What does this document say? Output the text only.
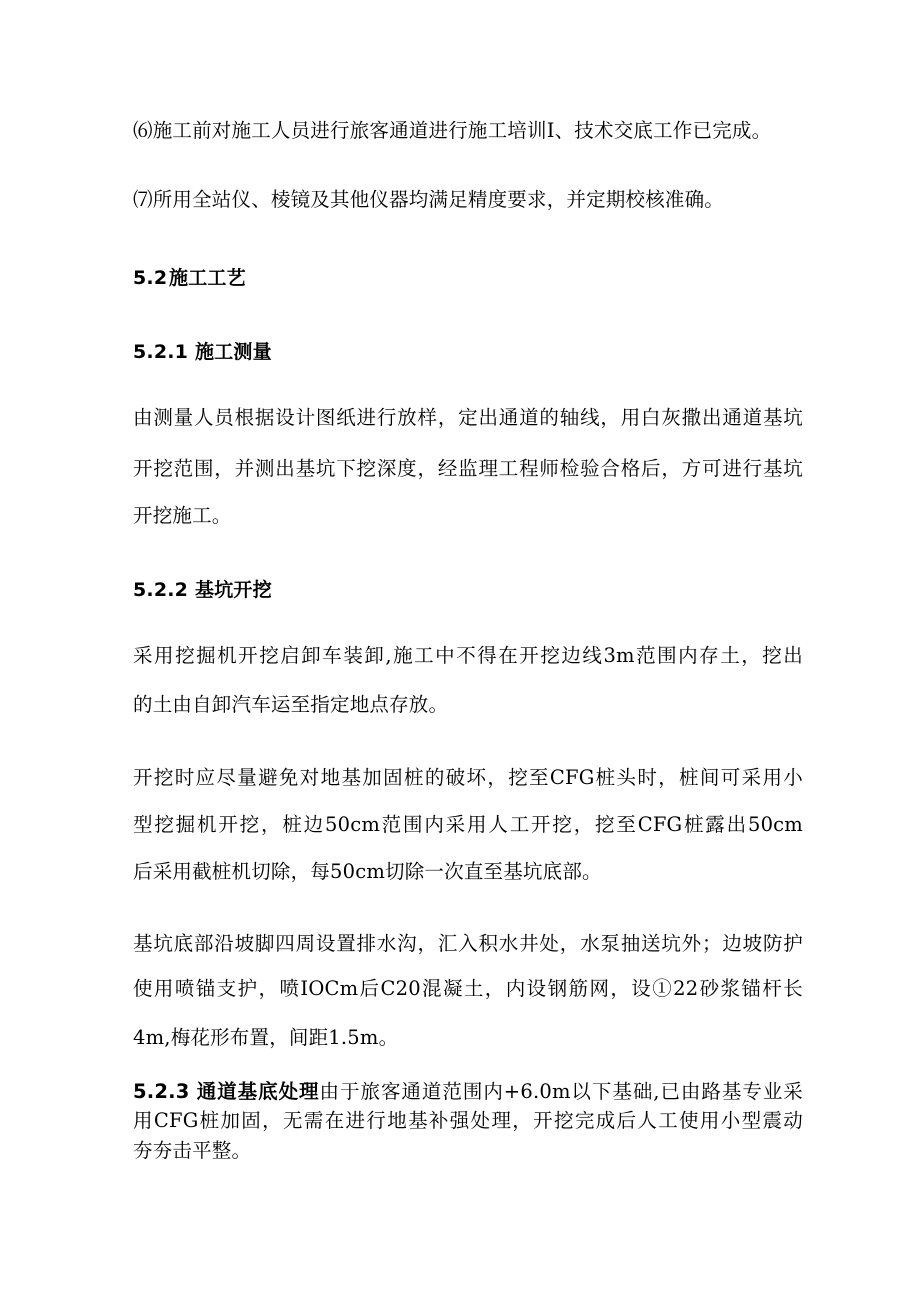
⑹施工前对施工人员进行旅客通道进行施工培训I、技术交底工作已完成。
⑺所用全站仪、棱镜及其他仪器均满足精度要求，并定期校核准确。
5.2施工工艺
5.2.1 施工测量
由测量人员根据设计图纸进行放样，定出通道的轴线，用白灰撒出通道基坑
开挖范围，并测出基坑下挖深度，经监理工程师检验合格后，方可进行基坑
开挖施工。
5.2.2 基坑开挖
采用挖掘机开挖启卸车装卸,施工中不得在开挖边线3m范围内存土，挖出
的土由自卸汽车运至指定地点存放。
开挖时应尽量避免对地基加固桩的破坏，挖至CFG桩头时，桩间可采用小
型挖掘机开挖，桩边50cm范围内采用人工开挖，挖至CFG桩露出50cm
后采用截桩机切除，每50cm切除一次直至基坑底部。
基坑底部沿坡脚四周设置排水沟，汇入积水井处，水泵抽送坑外；边坡防护
使用喷锚支护，喷IOCm后C20混凝土，内设钢筋网，设①22砂浆锚杆长
4m,梅花形布置，间距1.5m。
5.2.3 通道基底处理由于旅客通道范围内+6.0m以下基础,已由路基专业采
用CFG桩加固，无需在进行地基补强处理，开挖完成后人工使用小型震动
夯夯击平整。
